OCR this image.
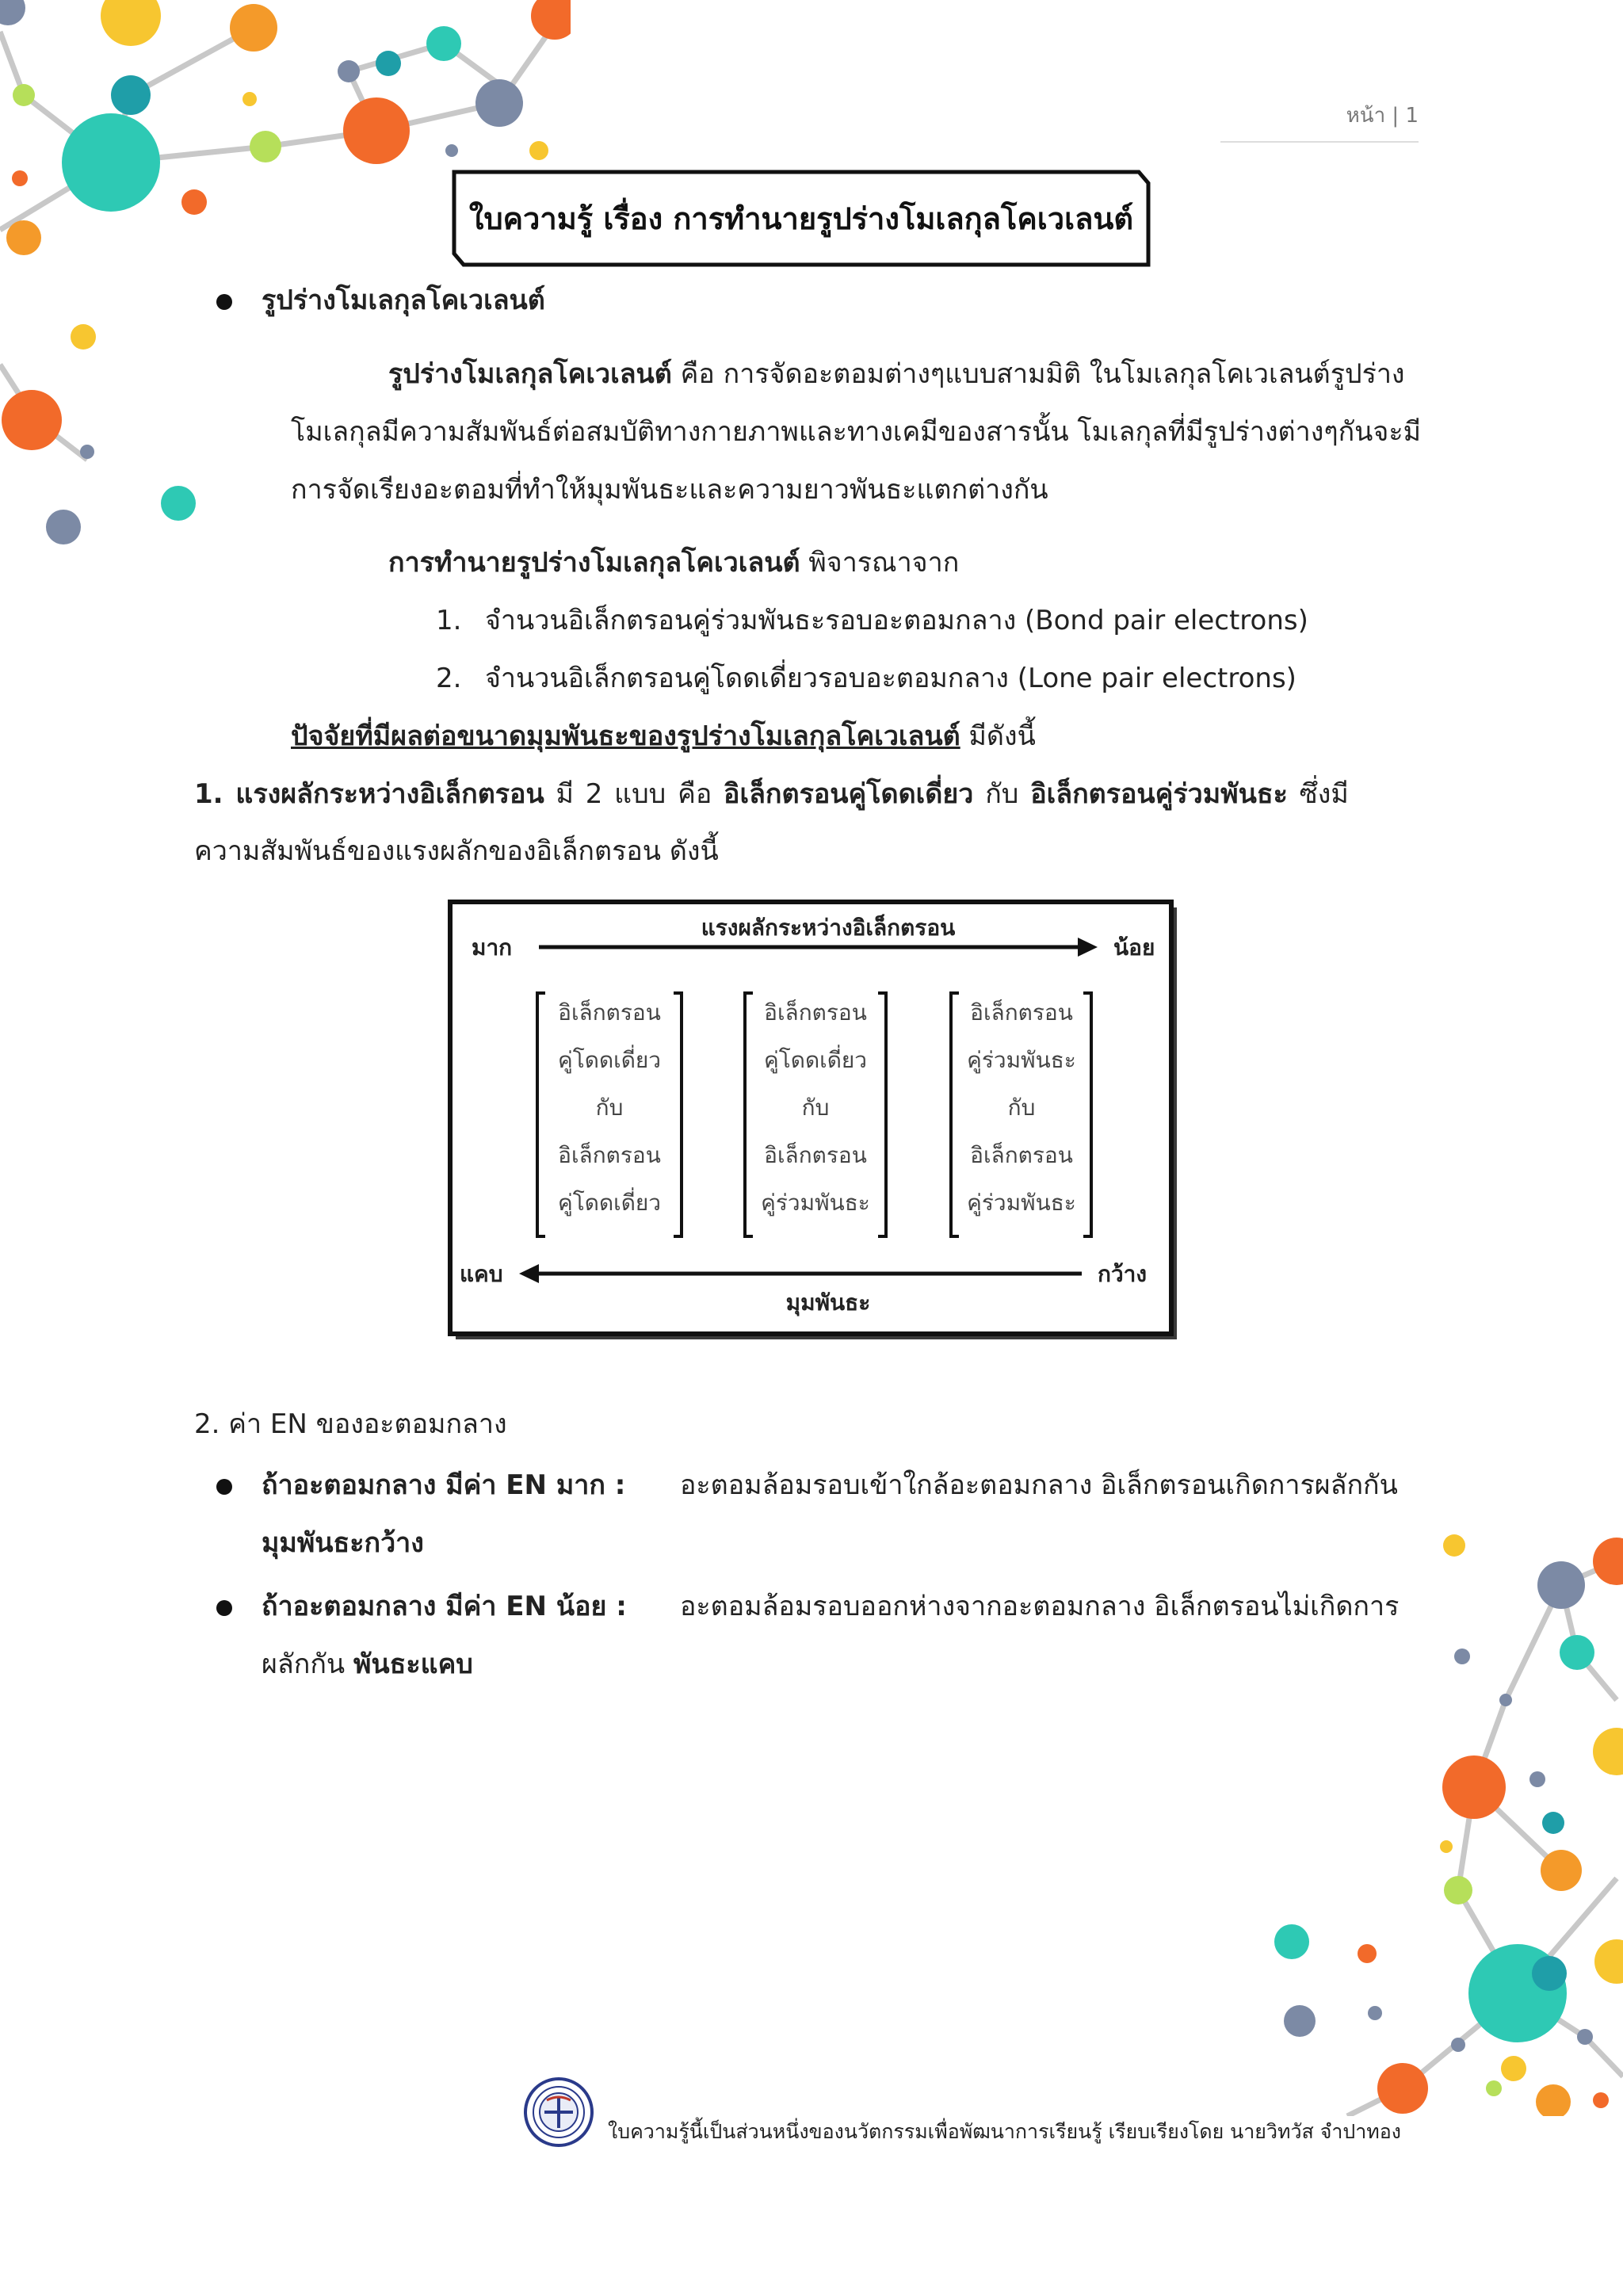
หน้า | 1
ใบความรู้ เรื่อง การทำนายรูปร่างโมเลกุลโคเวเลนต์
รูปร่างโมเลกุลโคเวเลนต์
รูปร่างโมเลกุลโคเวเลนต์ คือ การจัดอะตอมต่างๆแบบสามมิติ ในโมเลกุลโคเวเลนต์รูปร่าง
โมเลกุลมีความสัมพันธ์ต่อสมบัติทางกายภาพและทางเคมีของสารนั้น โมเลกุลที่มีรูปร่างต่างๆกันจะมี
การจัดเรียงอะตอมที่ทำให้มุมพันธะและความยาวพันธะแตกต่างกัน
การทำนายรูปร่างโมเลกุลโคเวเลนต์ พิจารณาจาก
1. จำนวนอิเล็กตรอนคู่ร่วมพันธะรอบอะตอมกลาง (Bond pair electrons)
2. จำนวนอิเล็กตรอนคู่โดดเดี่ยวรอบอะตอมกลาง (Lone pair electrons)
ปัจจัยที่มีผลต่อขนาดมุมพันธะของรูปร่างโมเลกุลโคเวเลนต์ มีดังนี้
1. แรงผลักระหว่างอิเล็กตรอน มี 2 แบบ คือ อิเล็กตรอนคู่โดดเดี่ยว กับ อิเล็กตรอนคู่ร่วมพันธะ ซึ่งมี
ความสัมพันธ์ของแรงผลักของอิเล็กตรอน ดังนี้
แรงผลักระหว่างอิเล็กตรอน
มาก	น้อย
อิเล็กตรอน
คู่โดดเดี่ยว
กับ
อิเล็กตรอน
คู่โดดเดี่ยว
อิเล็กตรอน
คู่โดดเดี่ยว
กับ
อิเล็กตรอน
คู่ร่วมพันธะ
อิเล็กตรอน
คู่ร่วมพันธะ
กับ
อิเล็กตรอน
คู่ร่วมพันธะ
แคบ	กว้าง
มุมพันธะ
2. ค่า EN ของอะตอมกลาง
ถ้าอะตอมกลาง มีค่า EN มาก : อะตอมล้อมรอบเข้าใกล้อะตอมกลาง อิเล็กตรอนเกิดการผลักกัน
มุมพันธะกว้าง
ถ้าอะตอมกลาง มีค่า EN น้อย : อะตอมล้อมรอบออกห่างจากอะตอมกลาง อิเล็กตรอนไม่เกิดการ
ผลักกัน พันธะแคบ
ใบความรู้นี้เป็นส่วนหนึ่งของนวัตกรรมเพื่อพัฒนาการเรียนรู้ เรียบเรียงโดย นายวิทวัส จำปาทอง
